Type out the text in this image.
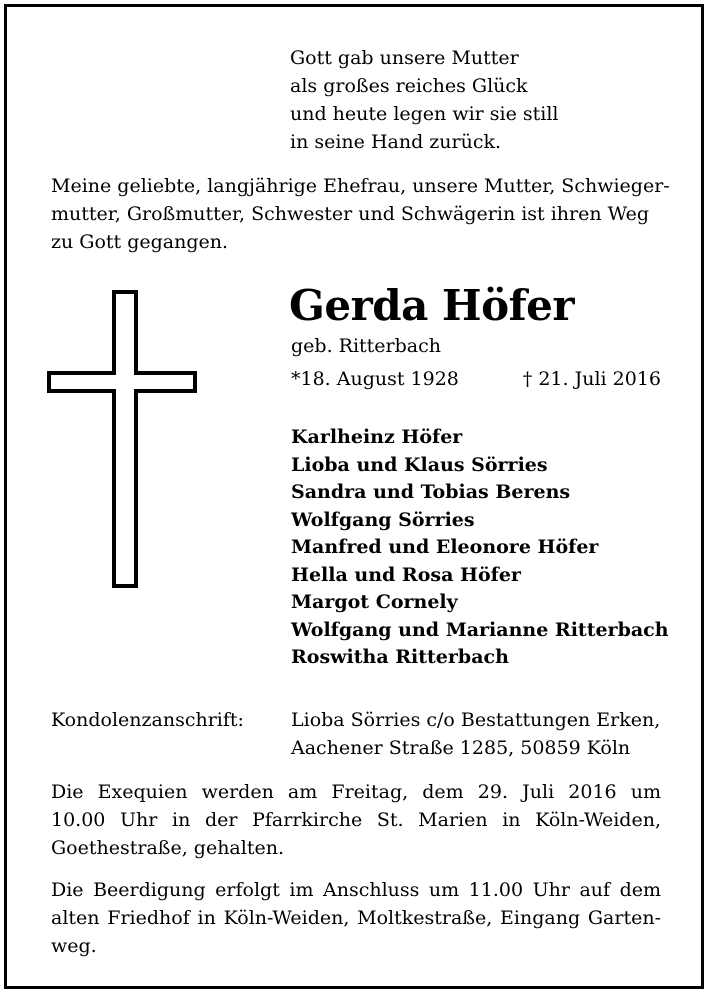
Gott gab unsere Mutter
als großes reiches Glück
und heute legen wir sie still
in seine Hand zurück.
Meine geliebte, langjährige Ehefrau, unsere Mutter, Schwieger-
mutter, Großmutter, Schwester und Schwägerin ist ihren Weg
zu Gott gegangen.
Gerda Höfer
geb. Ritterbach
*18. August 1928	† 21. Juli 2016
Karlheinz Höfer
Lioba und Klaus Sörries
Sandra und Tobias Berens
Wolfgang Sörries
Manfred und Eleonore Höfer
Hella und Rosa Höfer
Margot Cornely
Wolfgang und Marianne Ritterbach
Roswitha Ritterbach
Kondolenzanschrift: Lioba Sörries c/o Bestattungen Erken,
Aachener Straße 1285, 50859 Köln
Die Exequien werden am Freitag, dem 29. Juli 2016 um
10.00 Uhr in der Pfarrkirche St. Marien in Köln-Weiden,
Goethestraße, gehalten.
Die Beerdigung erfolgt im Anschluss um 11.00 Uhr auf dem
alten Friedhof in Köln-Weiden, Moltkestraße, Eingang Garten-
weg.
